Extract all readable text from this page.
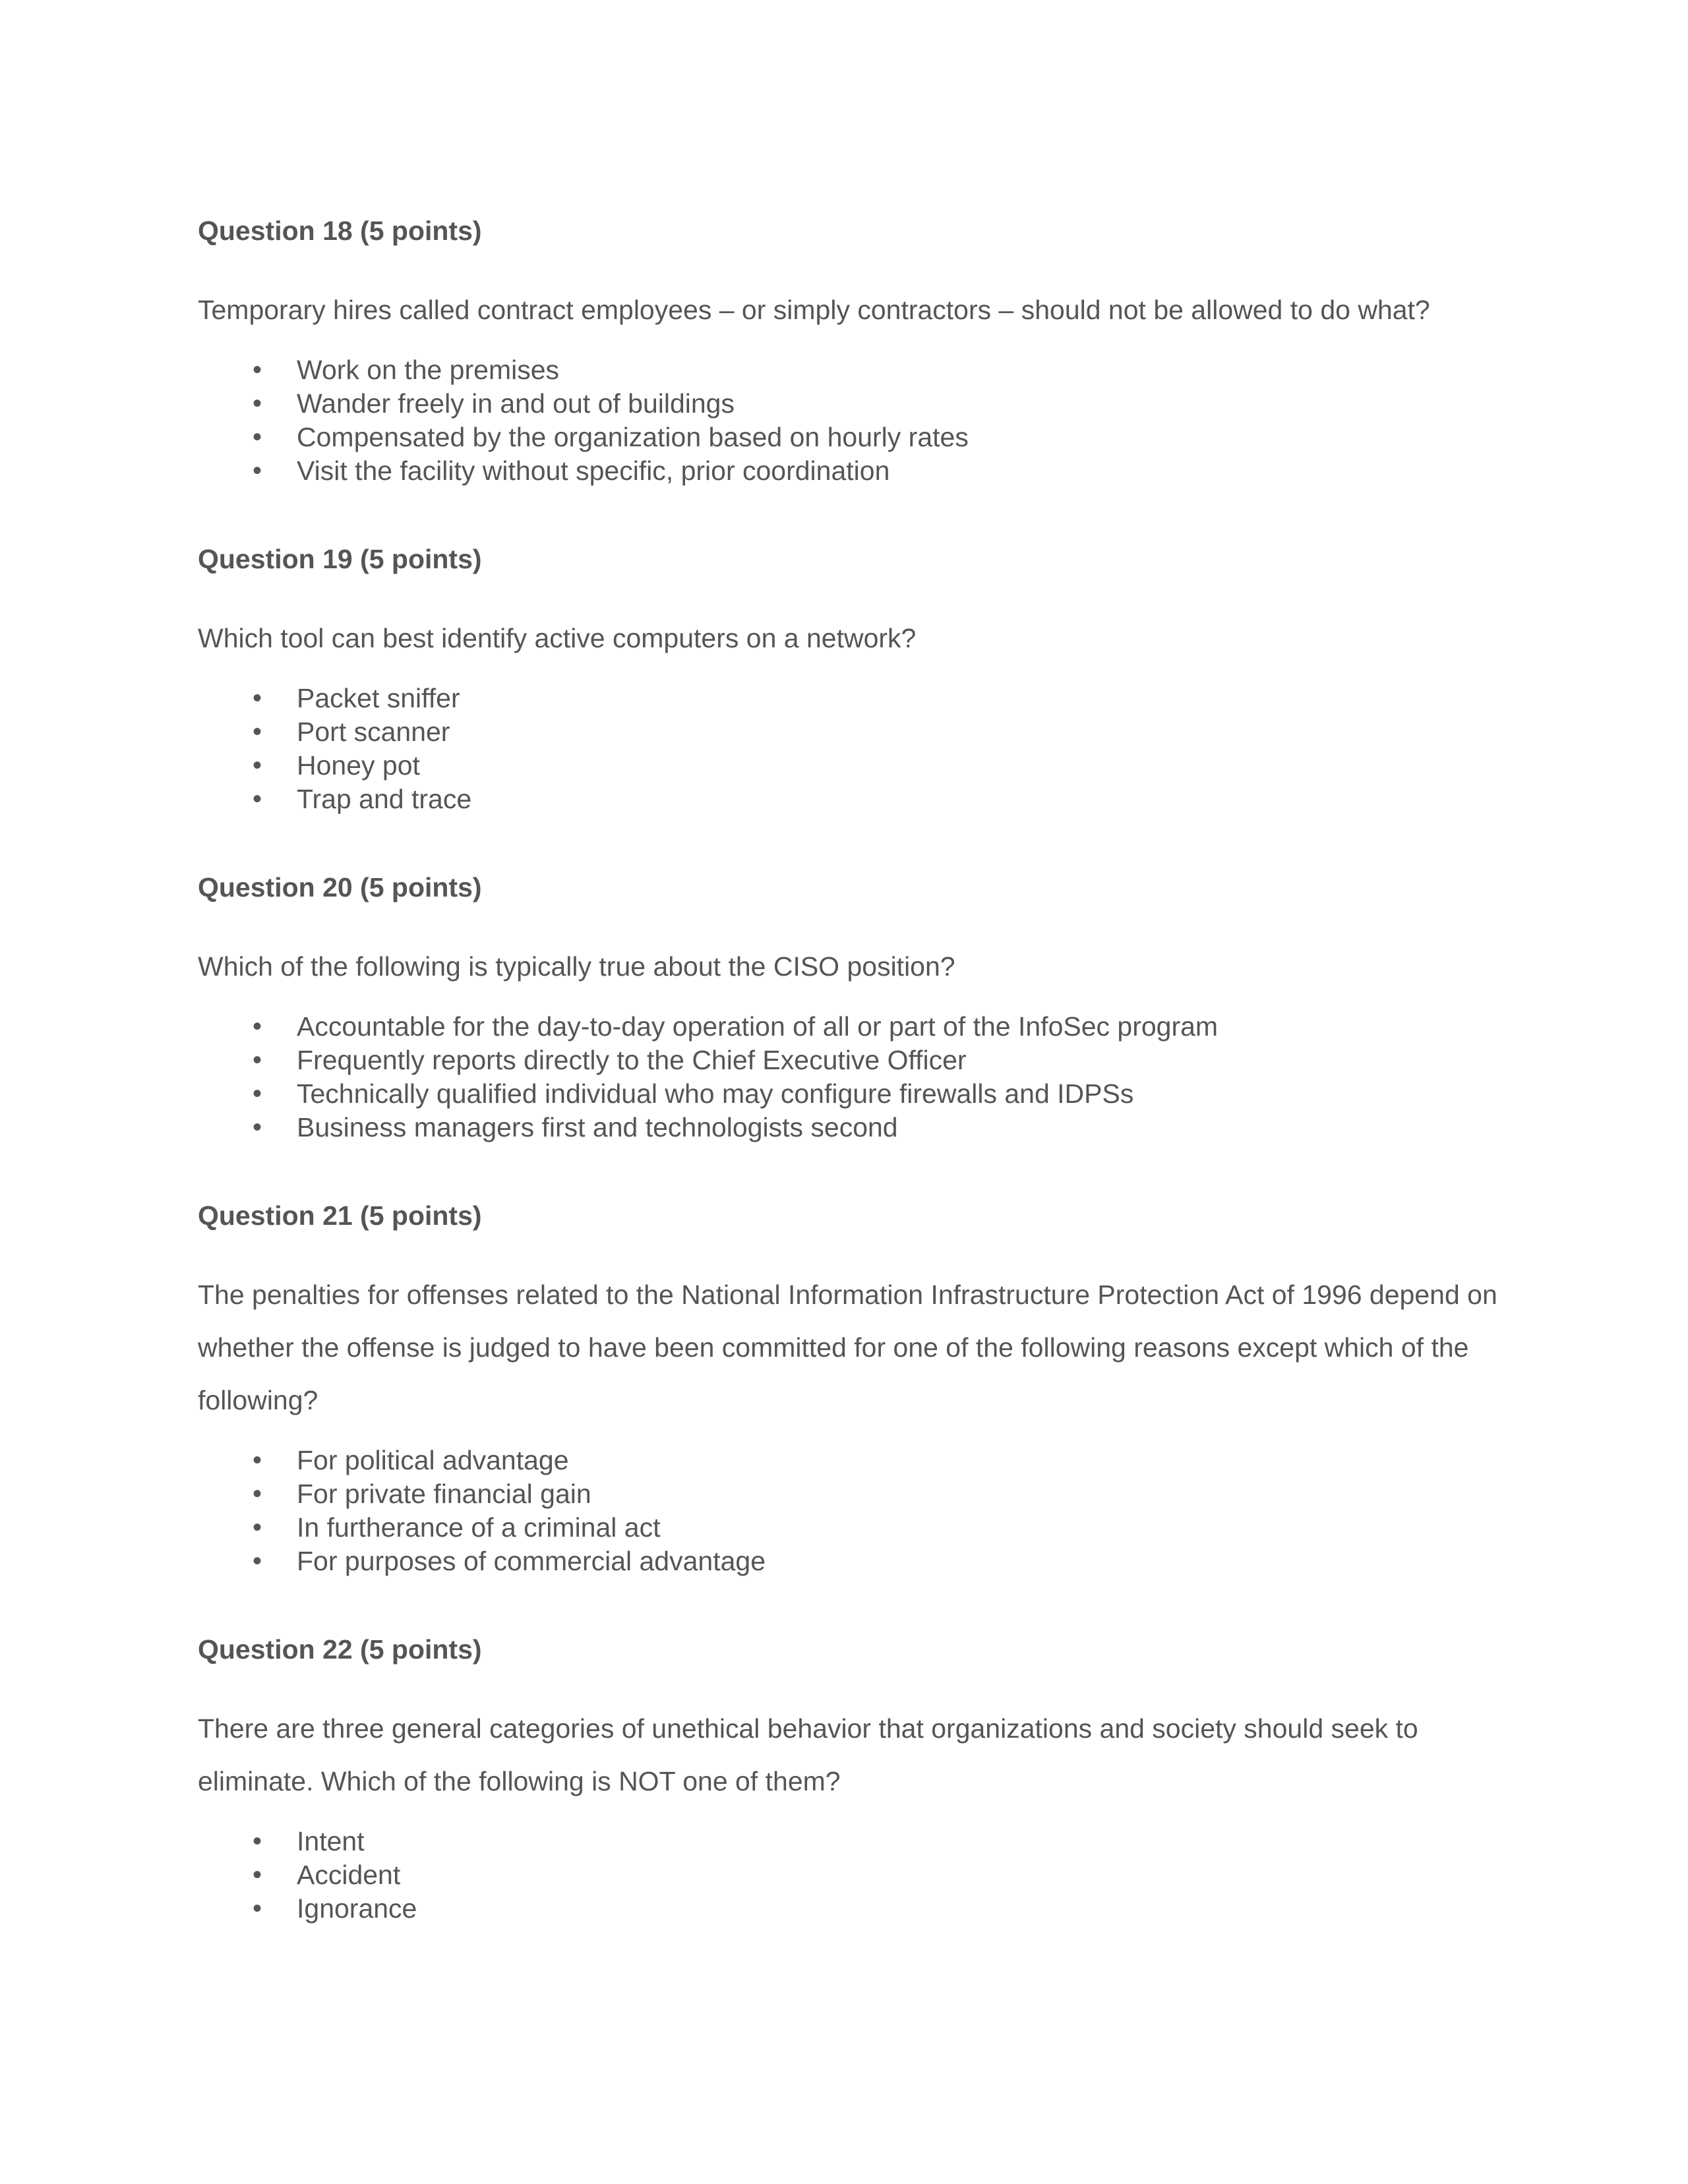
Question 18 (5 points)
Temporary hires called contract employees – or simply contractors – should not be allowed to do what?
• Work on the premises
• Wander freely in and out of buildings
• Compensated by the organization based on hourly rates
• Visit the facility without specific, prior coordination
Question 19 (5 points)
Which tool can best identify active computers on a network?
• Packet sniffer
• Port scanner
• Honey pot
• Trap and trace
Question 20 (5 points)
Which of the following is typically true about the CISO position?
• Accountable for the day-to-day operation of all or part of the InfoSec program
• Frequently reports directly to the Chief Executive Officer
• Technically qualified individual who may configure firewalls and IDPSs
• Business managers first and technologists second
Question 21 (5 points)
The penalties for offenses related to the National Information Infrastructure Protection Act of 1996 depend on whether the offense is judged to have been committed for one of the following reasons except which of the following?
• For political advantage
• For private financial gain
• In furtherance of a criminal act
• For purposes of commercial advantage
Question 22 (5 points)
There are three general categories of unethical behavior that organizations and society should seek to eliminate. Which of the following is NOT one of them?
• Intent
• Accident
• Ignorance
